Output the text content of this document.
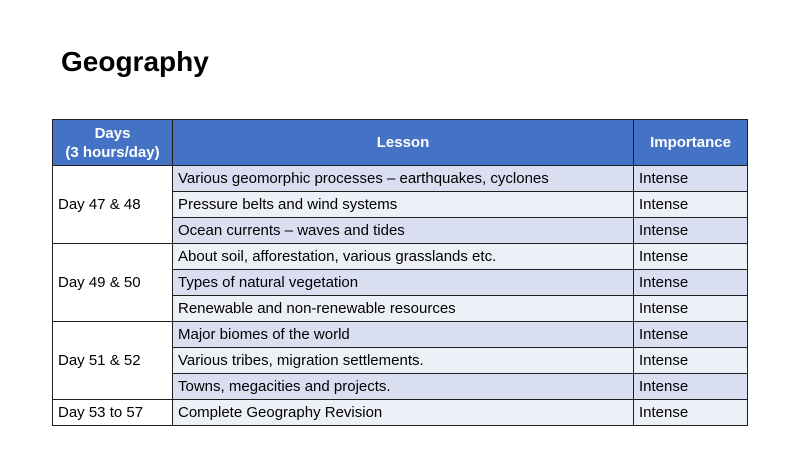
Geography
Days
(3 hours/day)	Lesson	Importance
Day 47 & 48	Various geomorphic processes – earthquakes, cyclones	Intense
	Pressure belts and wind systems	Intense
	Ocean currents – waves and tides	Intense
Day 49 & 50	About soil, afforestation, various grasslands etc.	Intense
	Types of natural vegetation	Intense
	Renewable and non-renewable resources	Intense
Day 51 & 52	Major biomes of the world	Intense
	Various tribes, migration settlements.	Intense
	Towns, megacities and projects.	Intense
Day 53 to 57	Complete Geography Revision	Intense
